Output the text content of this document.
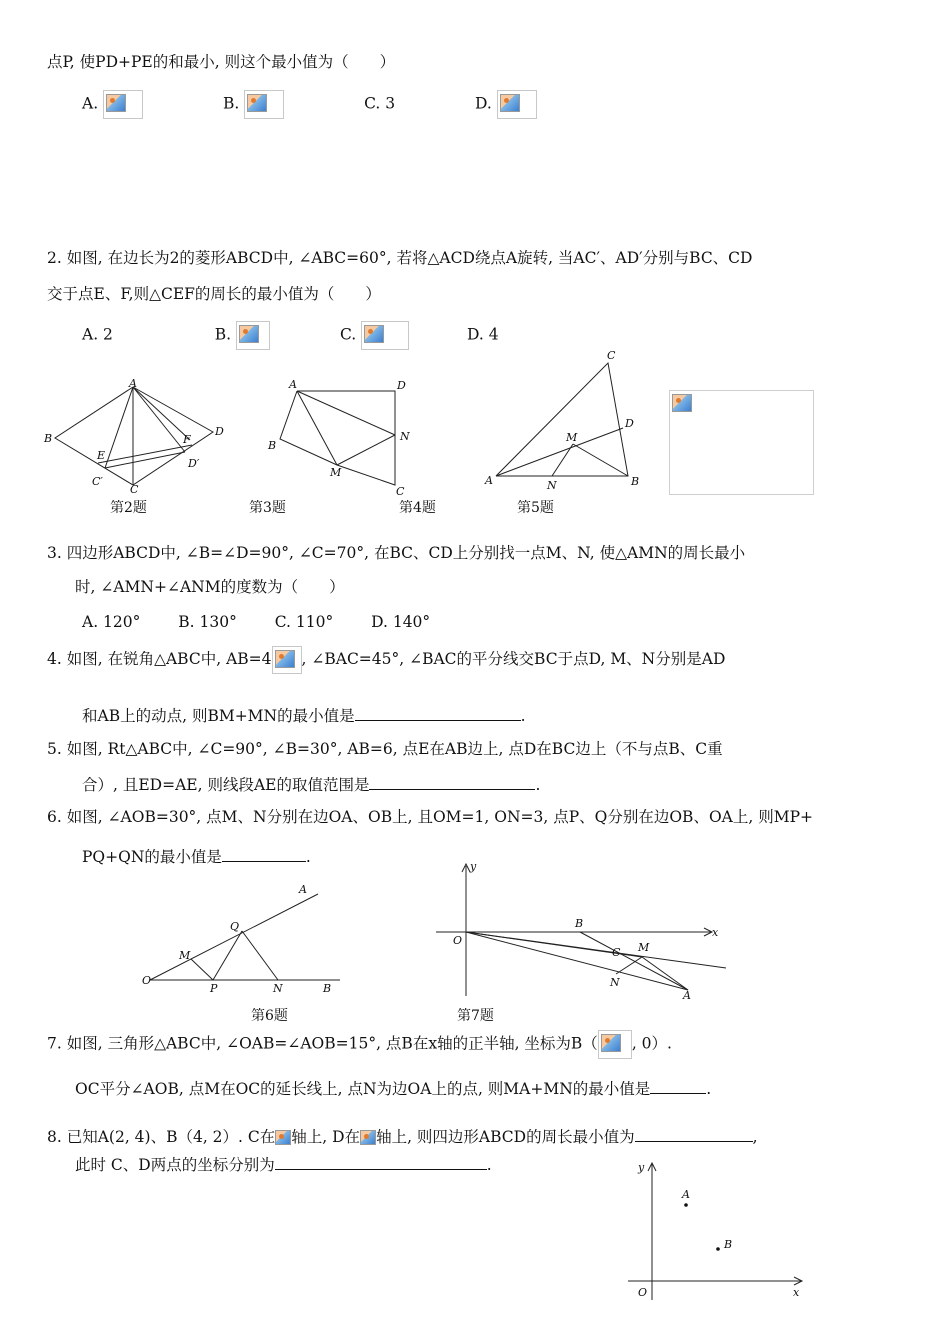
点P, 使PD+PE的和最小, 则这个最小值为（　　）
A.	B.	C. 3	D.
2. 如图, 在边长为2的菱形ABCD中, ∠ABC=60°, 若将△ACD绕点A旋转, 当AC′、AD′分别与BC、CD
交于点E、F,则△CEF的周长的最小值为（　　）
A. 2	B.	C.	D. 4
A
B
E
F
D
D′
C′
C
第2题
A	D
B
N
M
C
第3题	第4题
C
D
M
A	N	B
第5题
3. 四边形ABCD中, ∠B=∠D=90°, ∠C=70°, 在BC、CD上分别找一点M、N, 使△AMN的周长最小
时, ∠AMN+∠ANM的度数为（　　）
A. 120° B. 130° C. 110° D. 140°
4. 如图, 在锐角△ABC中, AB=4 , ∠BAC=45°, ∠BAC的平分线交BC于点D, M、N分别是AD
和AB上的动点, 则BM+MN的最小值是	.
5. 如图, Rt△ABC中, ∠C=90°, ∠B=30°, AB=6, 点E在AB边上, 点D在BC边上（不与点B、C重
合）, 且ED=AE, 则线段AE的取值范围是	.
6. 如图, ∠AOB=30°, 点M、N分别在边OA、OB上, 且OM=1, ON=3, 点P、Q分别在边OB、OA上, 则MP+
PQ+QN的最小值是	.
A
Q
M
O
P	N	B
第6题
y
x
O
B
C M
N
A
第7题
7. 如图, 三角形△ABC中, ∠OAB=∠AOB=15°, 点B在x轴的正半轴, 坐标为B（ , 0）.
OC平分∠AOB, 点M在OC的延长线上, 点N为边OA上的点, 则MA+MN的最小值是	.
8. 已知A(2, 4)、B（4, 2）. C在 轴上, D在 轴上, 则四边形ABCD的周长最小值为	,
此时 C、D两点的坐标分别为	.	y
A
B
O	x
